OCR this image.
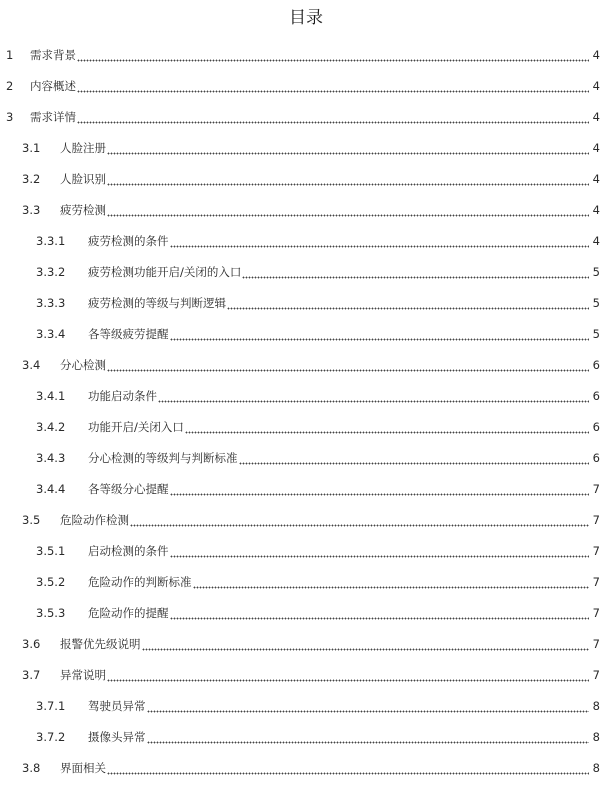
目录
1	需求背景	4
2	内容概述	4
3	需求详情	4
3.1	人脸注册	4
3.2	人脸识别	4
3.3	疲劳检测	4
3.3.1	疲劳检测的条件	4
3.3.2	疲劳检测功能开启/关闭的入口	5
3.3.3	疲劳检测的等级与判断逻辑	5
3.3.4	各等级疲劳提醒	5
3.4	分心检测	6
3.4.1	功能启动条件	6
3.4.2	功能开启/关闭入口	6
3.4.3	分心检测的等级判与判断标准	6
3.4.4	各等级分心提醒	7
3.5	危险动作检测	7
3.5.1	启动检测的条件	7
3.5.2	危险动作的判断标准	7
3.5.3	危险动作的提醒	7
3.6	报警优先级说明	7
3.7	异常说明	7
3.7.1	驾驶员异常	8
3.7.2	摄像头异常	8
3.8	界面相关	8
